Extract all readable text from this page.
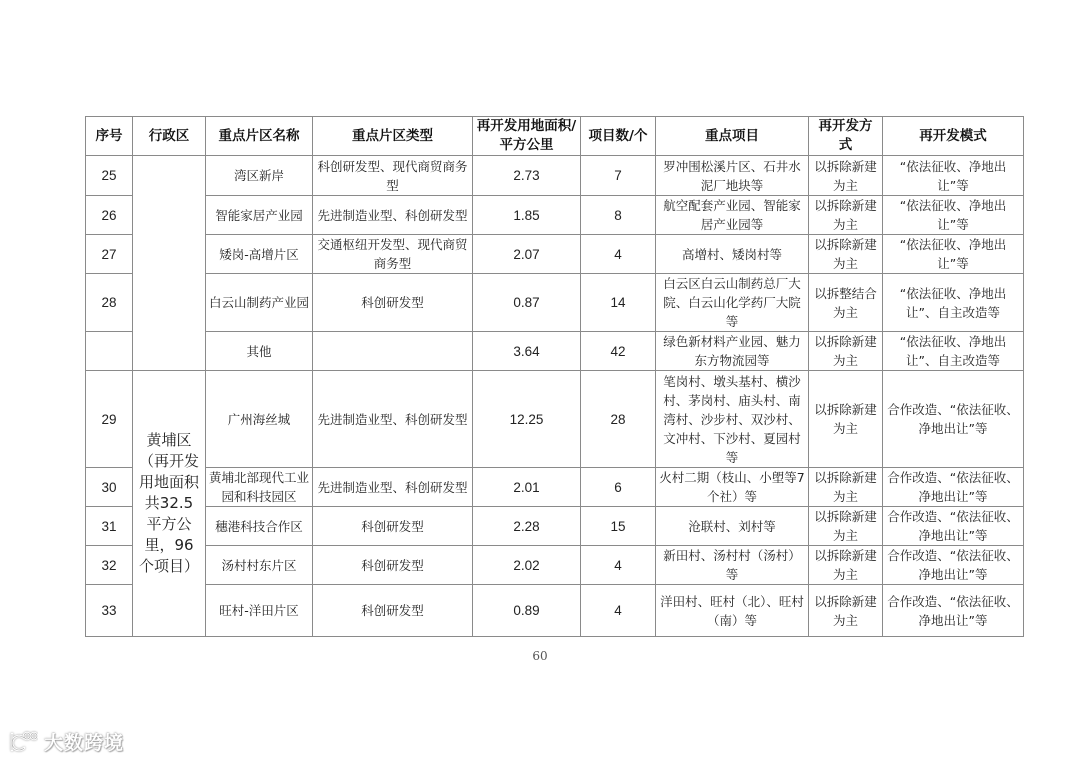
序号	行政区	重点片区名称	重点片区类型	再开发用地面积/平方公里	项目数/个	重点项目	再开发方式	再开发模式
25		湾区新岸	科创研发型、现代商贸商务型	2.73	7	罗冲围松溪片区、石井水泥厂地块等	以拆除新建为主	“依法征收、净地出让”等
26		智能家居产业园	先进制造业型、科创研发型	1.85	8	航空配套产业园、智能家居产业园等	以拆除新建为主	“依法征收、净地出让”等
27		矮岗-高增片区	交通枢纽开发型、现代商贸商务型	2.07	4	高增村、矮岗村等	以拆除新建为主	“依法征收、净地出让”等
28		白云山制药产业园	科创研发型	0.87	14	白云区白云山制药总厂大院、白云山化学药厂大院等	以拆整结合为主	“依法征收、净地出让”、自主改造等
		其他		3.64	42	绿色新材料产业园、魅力东方物流园等	以拆除新建为主	“依法征收、净地出让”、自主改造等
29	黄埔区（再开发用地面积共32.5 平方公里，96 个项目）	广州海丝城	先进制造业型、科创研发型	12.25	28	笔岗村、墩头基村、横沙村、茅岗村、庙头村、南湾村、沙步村、双沙村、文冲村、下沙村、夏园村等	以拆除新建为主	合作改造、“依法征收、净地出让”等
30		黄埔北部现代工业园和科技园区	先进制造业型、科创研发型	2.01	6	火村二期（枝山、小塱等7 个社）等	以拆除新建为主	合作改造、“依法征收、净地出让”等
31		穗港科技合作区	科创研发型	2.28	15	沧联村、刘村等	以拆除新建为主	合作改造、“依法征收、净地出让”等
32		汤村村东片区	科创研发型	2.02	4	新田村、汤村村（汤村）等	以拆除新建为主	合作改造、“依法征收、净地出让”等
33		旺村-洋田片区	科创研发型	0.89	4	洋田村、旺村（北）、旺村（南）等	以拆除新建为主	合作改造、“依法征收、净地出让”等
60
大数跨境
